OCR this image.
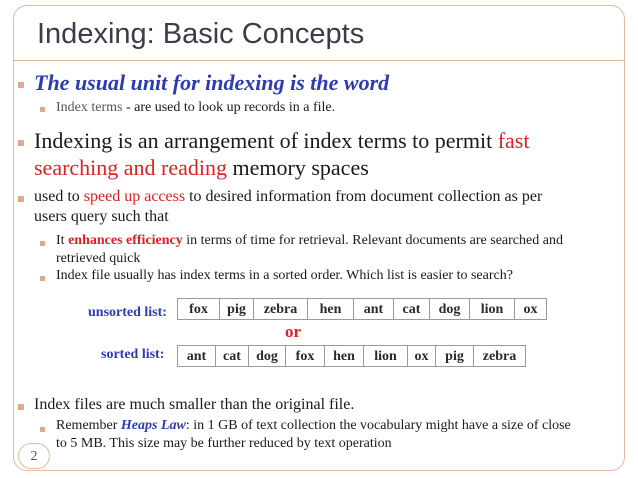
Indexing: Basic Concepts
The usual unit for indexing is the word
Index terms - are used to look up records in a file.
Indexing is an arrangement of index terms to permit fast
searching and reading memory spaces
used to speed up access to desired information from document collection as per
users query such that
It enhances efficiency in terms of time for retrieval. Relevant documents are searched and
retrieved quick
Index file usually has index terms in a sorted order. Which list is easier to search?
unsorted list:	fox	pig	zebra	hen	ant	cat	dog	lion	ox
or
sorted list:	ant	cat	dog	fox	hen	lion	ox	pig	zebra
Index files are much smaller than the original file.
Remember Heaps Law: in 1 GB of text collection the vocabulary might have a size of close
to 5 MB. This size may be further reduced by text operation
2
